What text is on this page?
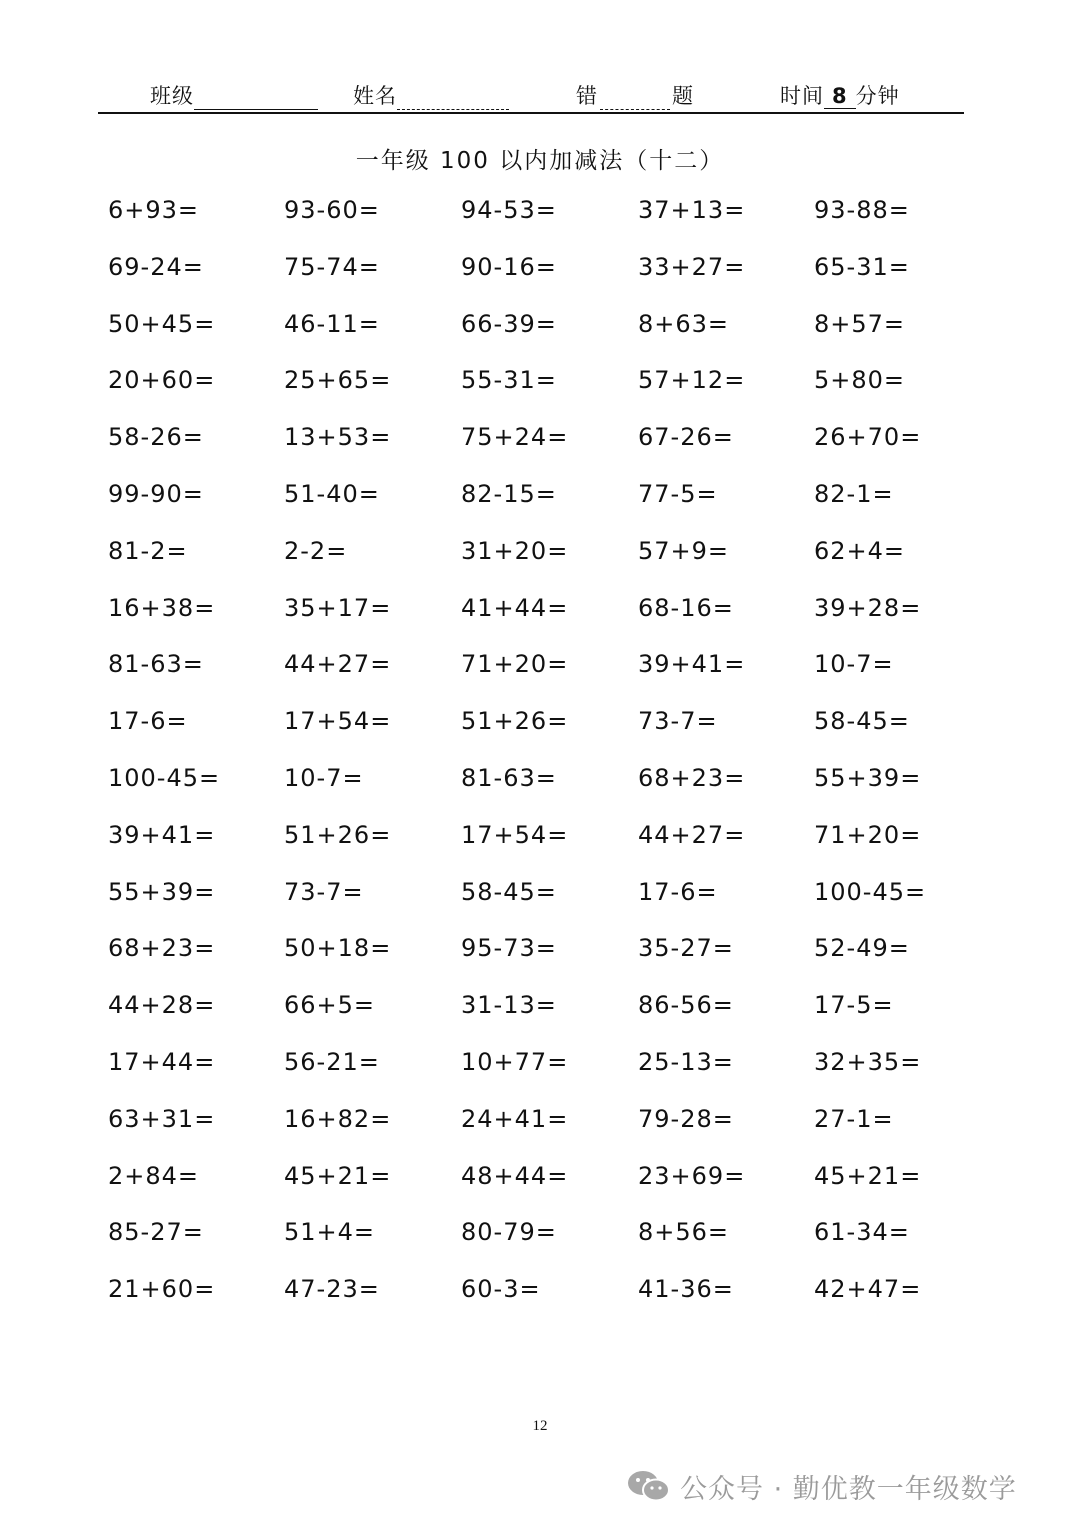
班级	姓名	错	题	时间 8 分钟
一年级 100 以内加减法（十二）
6+93=	93-60=	94-53=	37+13=	93-88=
69-24=	75-74=	90-16=	33+27=	65-31=
50+45=	46-11=	66-39=	8+63=	8+57=
20+60=	25+65=	55-31=	57+12=	5+80=
58-26=	13+53=	75+24=	67-26=	26+70=
99-90=	51-40=	82-15=	77-5=	82-1=
81-2=	2-2=	31+20=	57+9=	62+4=
16+38=	35+17=	41+44=	68-16=	39+28=
81-63=	44+27=	71+20=	39+41=	10-7=
17-6=	17+54=	51+26=	73-7=	58-45=
100-45=	10-7=	81-63=	68+23=	55+39=
39+41=	51+26=	17+54=	44+27=	71+20=
55+39=	73-7=	58-45=	17-6=	100-45=
68+23=	50+18=	95-73=	35-27=	52-49=
44+28=	66+5=	31-13=	86-56=	17-5=
17+44=	56-21=	10+77=	25-13=	32+35=
63+31=	16+82=	24+41=	79-28=	27-1=
2+84=	45+21=	48+44=	23+69=	45+21=
85-27=	51+4=	80-79=	8+56=	61-34=
21+60=	47-23=	60-3=	41-36=	42+47=
12
公众号 · 勤优教一年级数学
